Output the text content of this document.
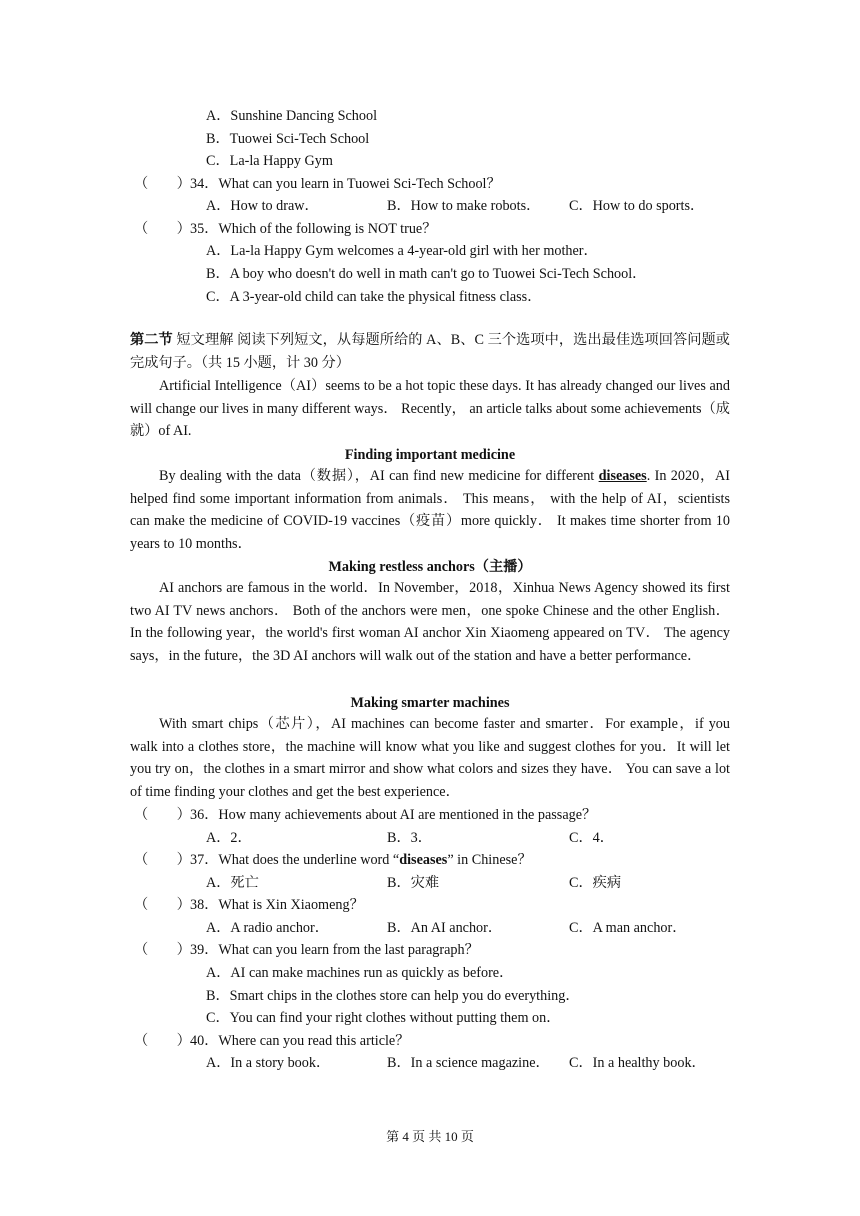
A．Sunshine Dancing School
B．Tuowei Sci-Tech School
C．La-la Happy Gym
（　　） 34．What can you learn in Tuowei Sci-Tech School？
A．How to draw．	B．How to make robots． C．How to do sports．
（　　） 35．Which of the following is NOT true？
A．La-la Happy Gym welcomes a 4-year-old girl with her mother．
B．A boy who doesn't do well in math can't go to Tuowei Sci-Tech School．
C．A 3-year-old child can take the physical fitness class．

第二节 短文理解 阅读下列短文，从每题所给的 A、B、C 三个选项中，选出最佳选项回答问题或完成句子。（共 15 小题，计 30 分）

Artificial Intelligence（AI）seems to be a hot topic these days. It has already changed our lives and will change our lives in many different ways． Recently， an article talks about some achievements（成就）of AI.

Finding important medicine

By dealing with the data（数据），AI can find new medicine for different diseases. In 2020，AI helped find some important information from animals． This means， with the help of AI，scientists can make the medicine of COVID-19 vaccines（疫苗）more quickly． It makes time shorter from 10 years to 10 months．

Making restless anchors（主播）

AI anchors are famous in the world．In November，2018，Xinhua News Agency showed its first two AI TV news anchors． Both of the anchors were men，one spoke Chinese and the other English． In the following year，the world's first woman AI anchor Xin Xiaomeng appeared on TV． The agency says，in the future，the 3D AI anchors will walk out of the station and have a better performance．

Making smarter machines

With smart chips（芯片），AI machines can become faster and smarter．For example，if you walk into a clothes store，the machine will know what you like and suggest clothes for you．It will let you try on，the clothes in a smart mirror and show what colors and sizes they have． You can save a lot of time finding your clothes and get the best experience．

（　　） 36．How many achievements about AI are mentioned in the passage？
A．2．	B．3．	C．4．
（　　） 37．What does the underline word “diseases” in Chinese？
A．死亡	B．灾难	C．疾病
（　　） 38．What is Xin Xiaomeng？
A．A radio anchor．	B．An AI anchor．	C．A man anchor．
（　　） 39．What can you learn from the last paragraph？
A．AI can make machines run as quickly as before．
B．Smart chips in the clothes store can help you do everything．
C．You can find your right clothes without putting them on．
（　　） 40．Where can you read this article？
A．In a story book．	B．In a science magazine． C．In a healthy book．
第 4 页 共 10 页
